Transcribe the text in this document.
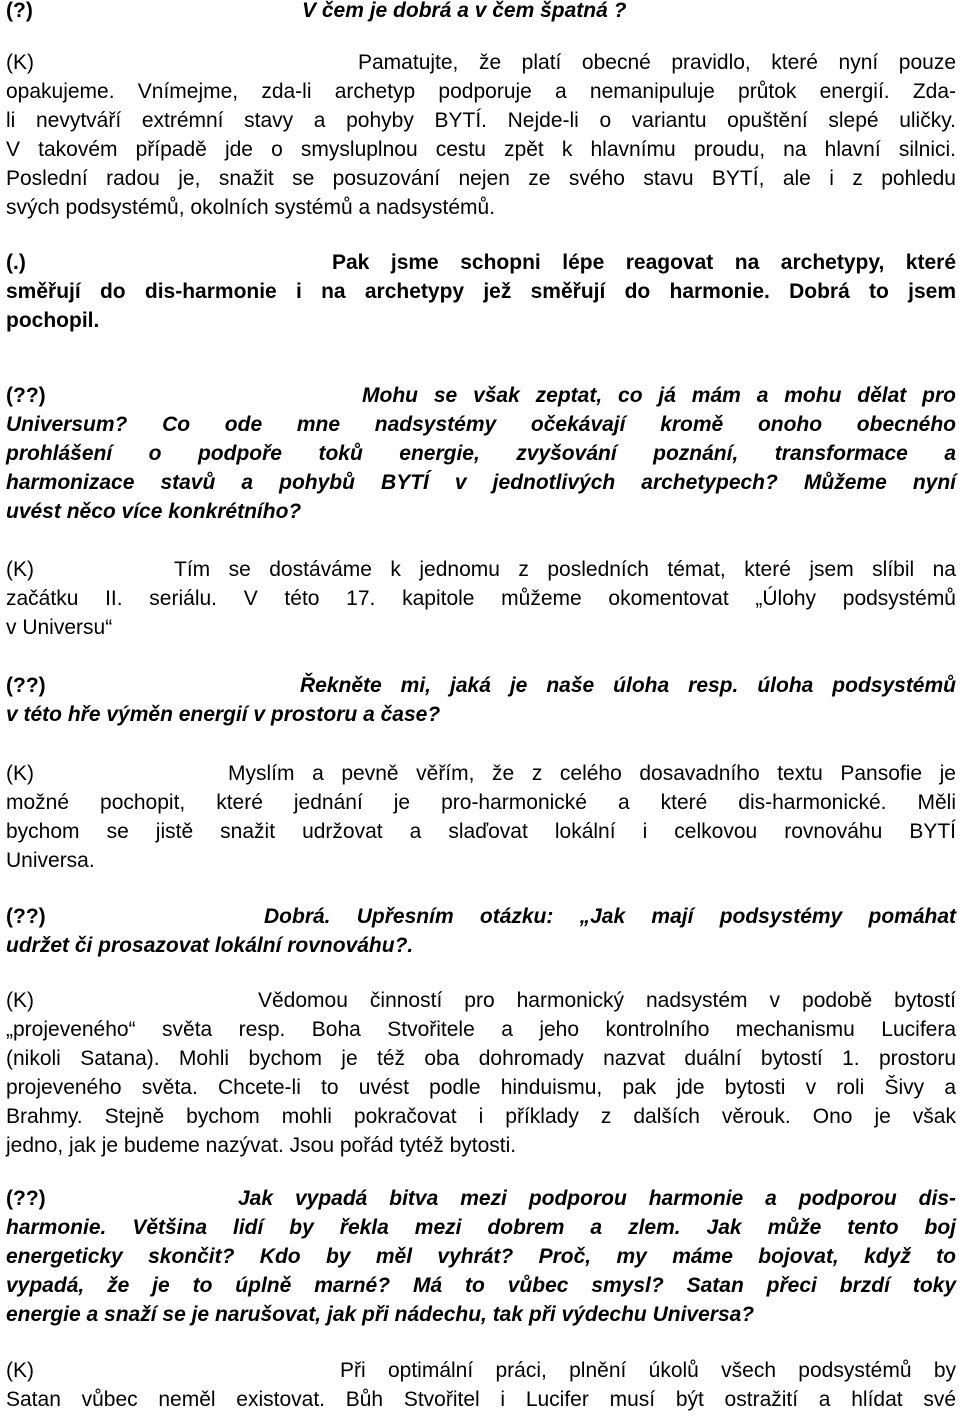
(?)	V čem je dobrá a v čem špatná ?
(K)	Pamatujte, že platí obecné pravidlo, které nyní pouze
opakujeme. Vnímejme, zda-li archetyp podporuje a nemanipuluje průtok energií. Zda-
li nevytváří extrémní stavy a pohyby BYTÍ. Nejde-li o variantu opuštění slepé uličky.
V takovém případě jde o smysluplnou cestu zpět k hlavnímu proudu, na hlavní silnici.
Poslední radou je, snažit se posuzování nejen ze svého stavu BYTÍ, ale i z pohledu
svých podsystémů, okolních systémů a nadsystémů.
(.)	Pak jsme schopni lépe reagovat na archetypy, které
směřují do dis-harmonie i na archetypy jež směřují do harmonie. Dobrá to jsem
pochopil.
(??)	Mohu se však zeptat, co já mám a mohu dělat pro
Universum? Co ode mne nadsystémy očekávají kromě onoho obecného
prohlášení o podpoře toků energie, zvyšování poznání, transformace a
harmonizace stavů a pohybů BYTÍ v jednotlivých archetypech? Můžeme nyní
uvést něco více konkrétního?
(K)	Tím se dostáváme k jednomu z posledních témat, které jsem slíbil na
začátku II. seriálu. V této 17. kapitole můžeme okomentovat „Úlohy podsystémů
v Universu“
(??)	Řekněte mi, jaká je naše úloha resp. úloha podsystémů
v této hře výměn energií v prostoru a čase?
(K)	Myslím a pevně věřím, že z celého dosavadního textu Pansofie je
možné pochopit, které jednání je pro-harmonické a které dis-harmonické. Měli
bychom se jistě snažit udržovat a slaďovat lokální i celkovou rovnováhu BYTÍ
Universa.
(??)	Dobrá. Upřesním otázku: „Jak mají podsystémy pomáhat
udržet či prosazovat lokální rovnováhu?.
(K)	Vědomou činností pro harmonický nadsystém v podobě bytostí
„projeveného“ světa resp. Boha Stvořitele a jeho kontrolního mechanismu Lucifera
(nikoli Satana). Mohli bychom je též oba dohromady nazvat duální bytostí 1. prostoru
projeveného světa. Chcete-li to uvést podle hinduismu, pak jde bytosti v roli Šivy a
Brahmy. Stejně bychom mohli pokračovat i příklady z dalších věrouk. Ono je však
jedno, jak je budeme nazývat. Jsou pořád tytéž bytosti.
(??)	Jak vypadá bitva mezi podporou harmonie a podporou dis-
harmonie. Většina lidí by řekla mezi dobrem a zlem. Jak může tento boj
energeticky skončit? Kdo by měl vyhrát? Proč, my máme bojovat, když to
vypadá, že je to úplně marné? Má to vůbec smysl? Satan přeci brzdí toky
energie a snaží se je narušovat, jak při nádechu, tak při výdechu Universa?
(K)	Při optimální práci, plnění úkolů všech podsystémů by
Satan vůbec neměl existovat. Bůh Stvořitel i Lucifer musí být ostražití a hlídat své
